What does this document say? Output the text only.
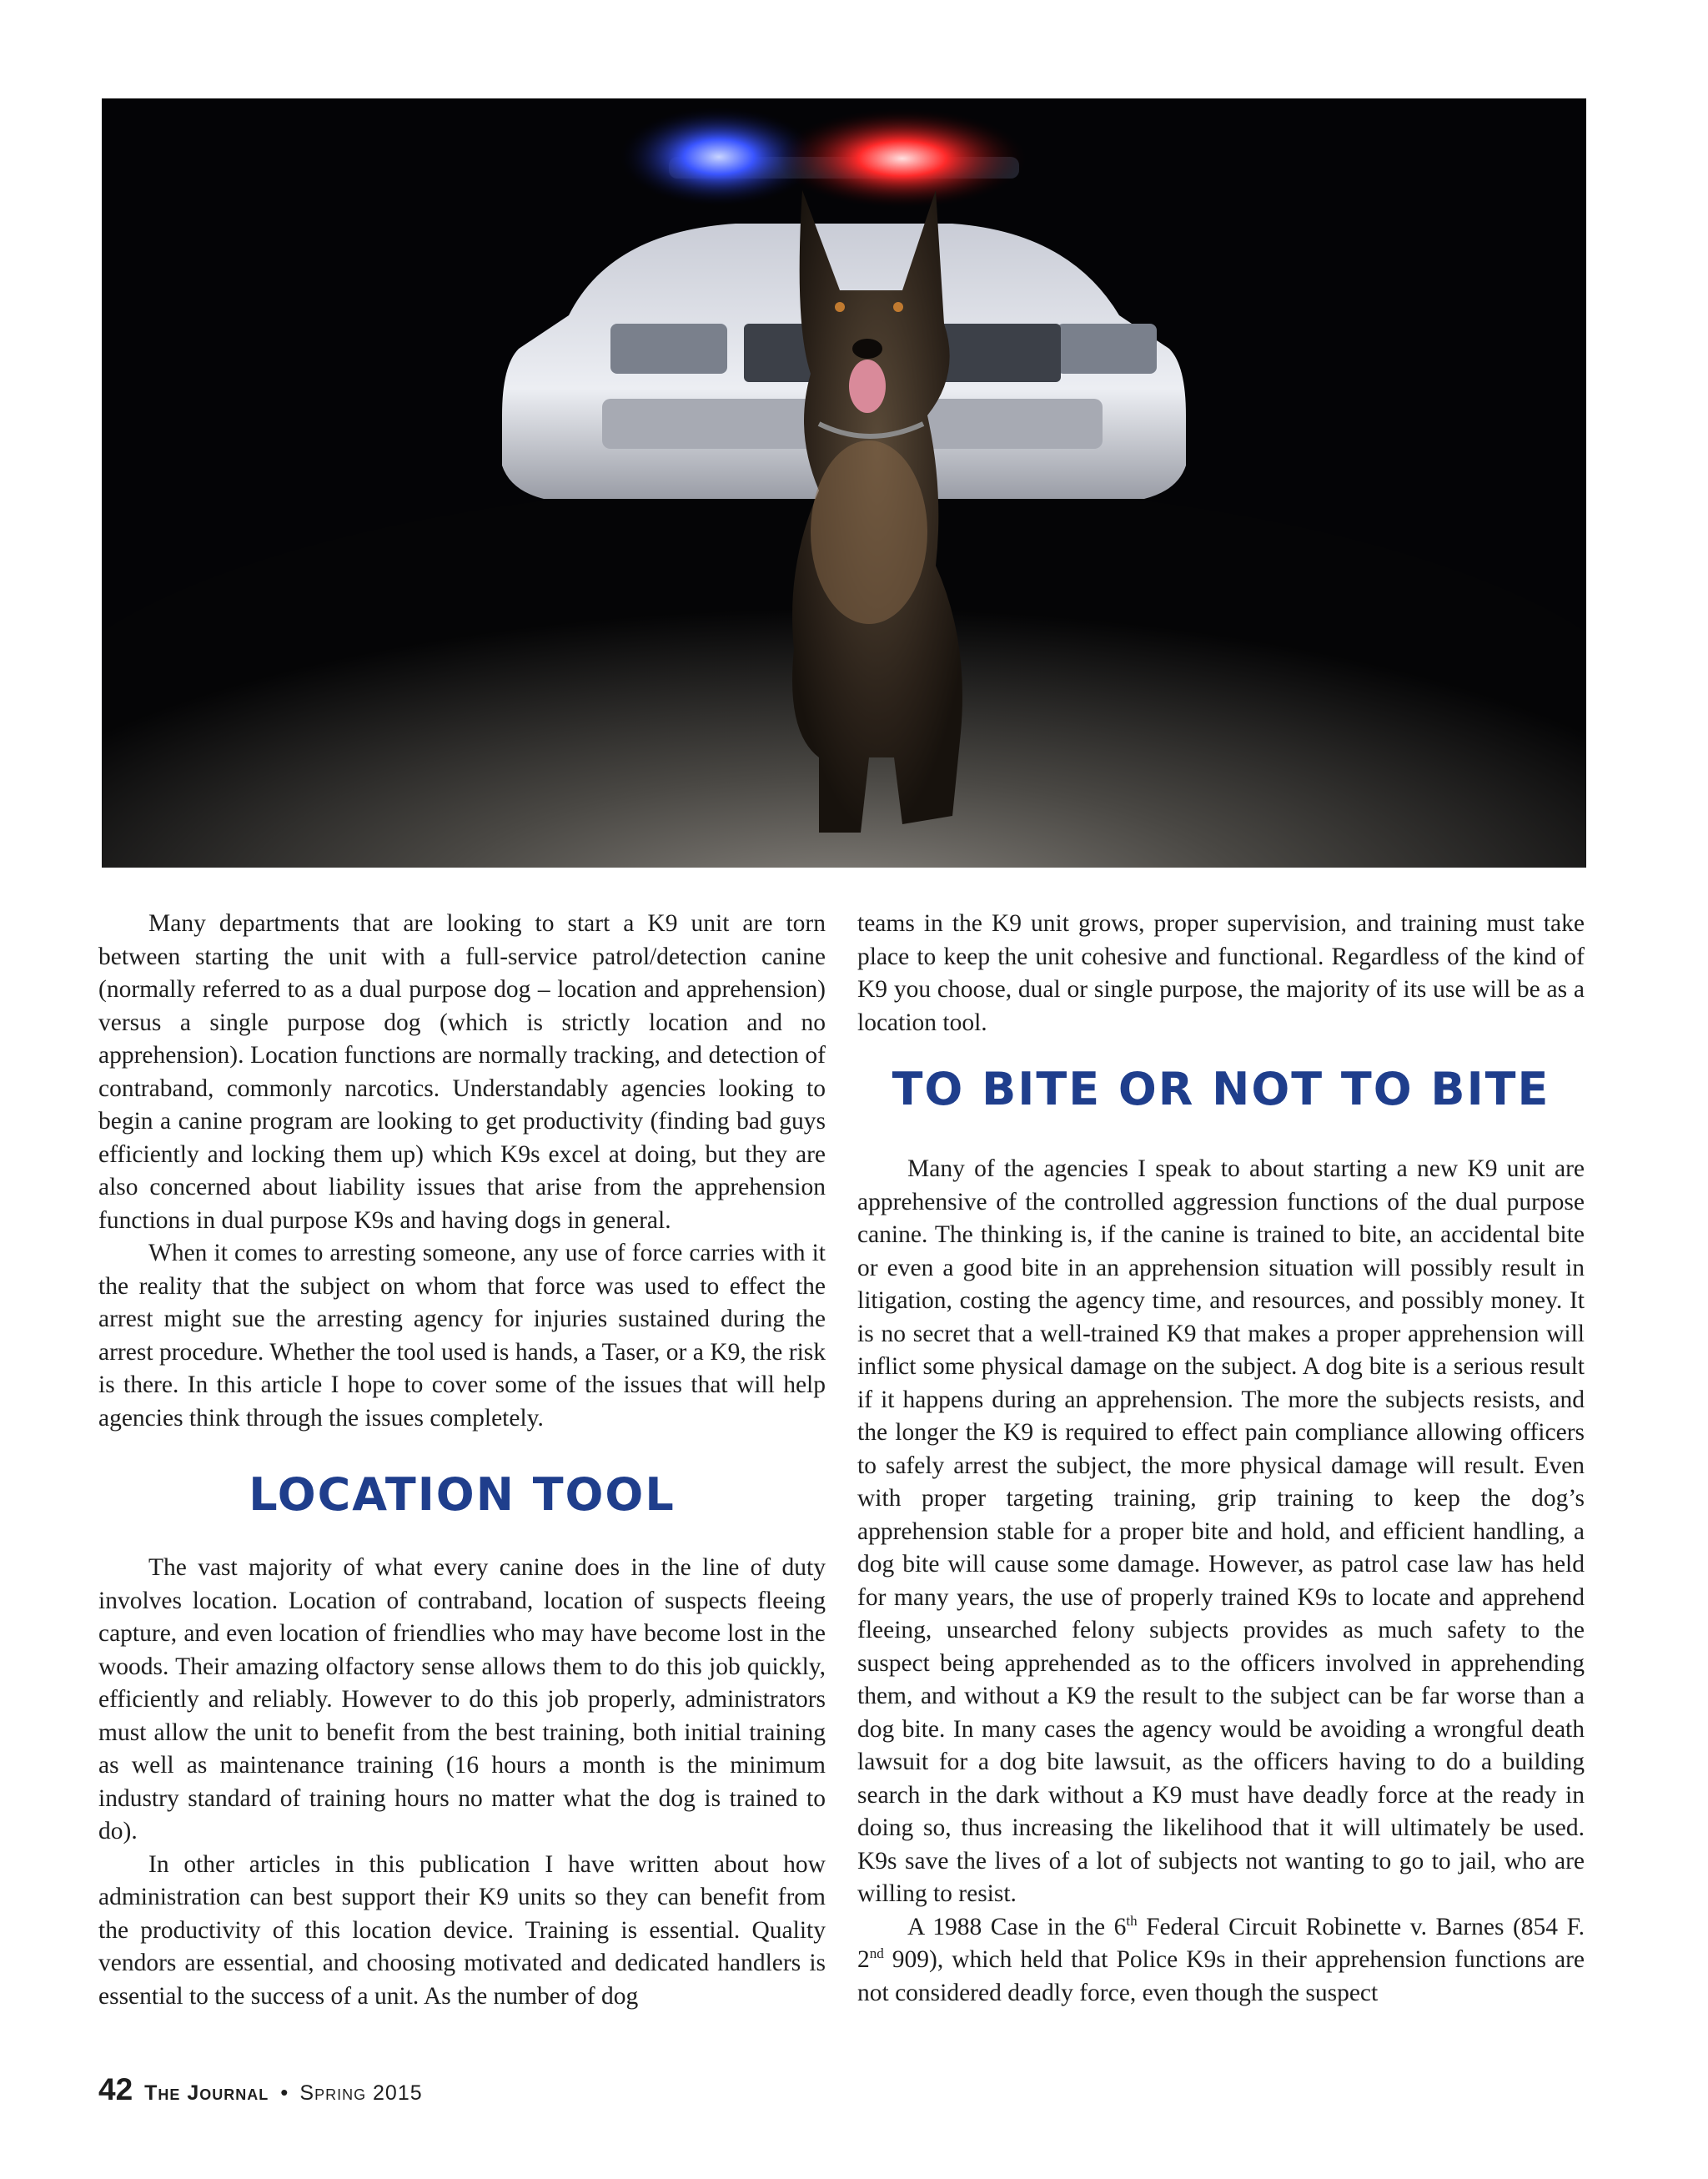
Many departments that are looking to start a K9 unit are torn between starting the unit with a full-service patrol/detection canine (normally referred to as a dual purpose dog – location and apprehension) versus a single purpose dog (which is strictly location and no apprehension). Location functions are normally tracking, and detection of contraband, commonly narcotics. Understandably agencies looking to begin a canine program are looking to get productivity (finding bad guys efficiently and locking them up) which K9s excel at doing, but they are also concerned about liability issues that arise from the apprehension functions in dual purpose K9s and having dogs in general.

When it comes to arresting someone, any use of force carries with it the reality that the subject on whom that force was used to effect the arrest might sue the arresting agency for injuries sustained during the arrest procedure. Whether the tool used is hands, a Taser, or a K9, the risk is there. In this article I hope to cover some of the issues that will help agencies think through the issues completely.

LOCATION TOOL

The vast majority of what every canine does in the line of duty involves location. Location of contraband, location of suspects fleeing capture, and even location of friendlies who may have become lost in the woods. Their amazing olfactory sense allows them to do this job quickly, efficiently and reliably. However to do this job properly, administrators must allow the unit to benefit from the best training, both initial training as well as maintenance training (16 hours a month is the minimum industry standard of training hours no matter what the dog is trained to do).

In other articles in this publication I have written about how administration can best support their K9 units so they can benefit from the productivity of this location device. Training is essential. Quality vendors are essential, and choosing motivated and dedicated handlers is essential to the success of a unit. As the number of dog

teams in the K9 unit grows, proper supervision, and training must take place to keep the unit cohesive and functional. Regardless of the kind of K9 you choose, dual or single purpose, the majority of its use will be as a location tool.

TO BITE OR NOT TO BITE

Many of the agencies I speak to about starting a new K9 unit are apprehensive of the controlled aggression functions of the dual purpose canine. The thinking is, if the canine is trained to bite, an accidental bite or even a good bite in an apprehension situation will possibly result in litigation, costing the agency time, and resources, and possibly money. It is no secret that a well-trained K9 that makes a proper apprehension will inflict some physical damage on the subject. A dog bite is a serious result if it happens during an apprehension. The more the subjects resists, and the longer the K9 is required to effect pain compliance allowing officers to safely arrest the subject, the more physical damage will result. Even with proper targeting training, grip training to keep the dog’s apprehension stable for a proper bite and hold, and efficient handling, a dog bite will cause some damage. However, as patrol case law has held for many years, the use of properly trained K9s to locate and apprehend fleeing, unsearched felony subjects provides as much safety to the suspect being apprehended as to the officers involved in apprehending them, and without a K9 the result to the subject can be far worse than a dog bite. In many cases the agency would be avoiding a wrongful death lawsuit for a dog bite lawsuit, as the officers having to do a building search in the dark without a K9 must have deadly force at the ready in doing so, thus increasing the likelihood that it will ultimately be used. K9s save the lives of a lot of subjects not wanting to go to jail, who are willing to resist.

A 1988 Case in the 6th Federal Circuit Robinette v. Barnes (854 F. 2nd 909), which held that Police K9s in their apprehension functions are not considered deadly force, even though the suspect

42 The Journal • Spring 2015
